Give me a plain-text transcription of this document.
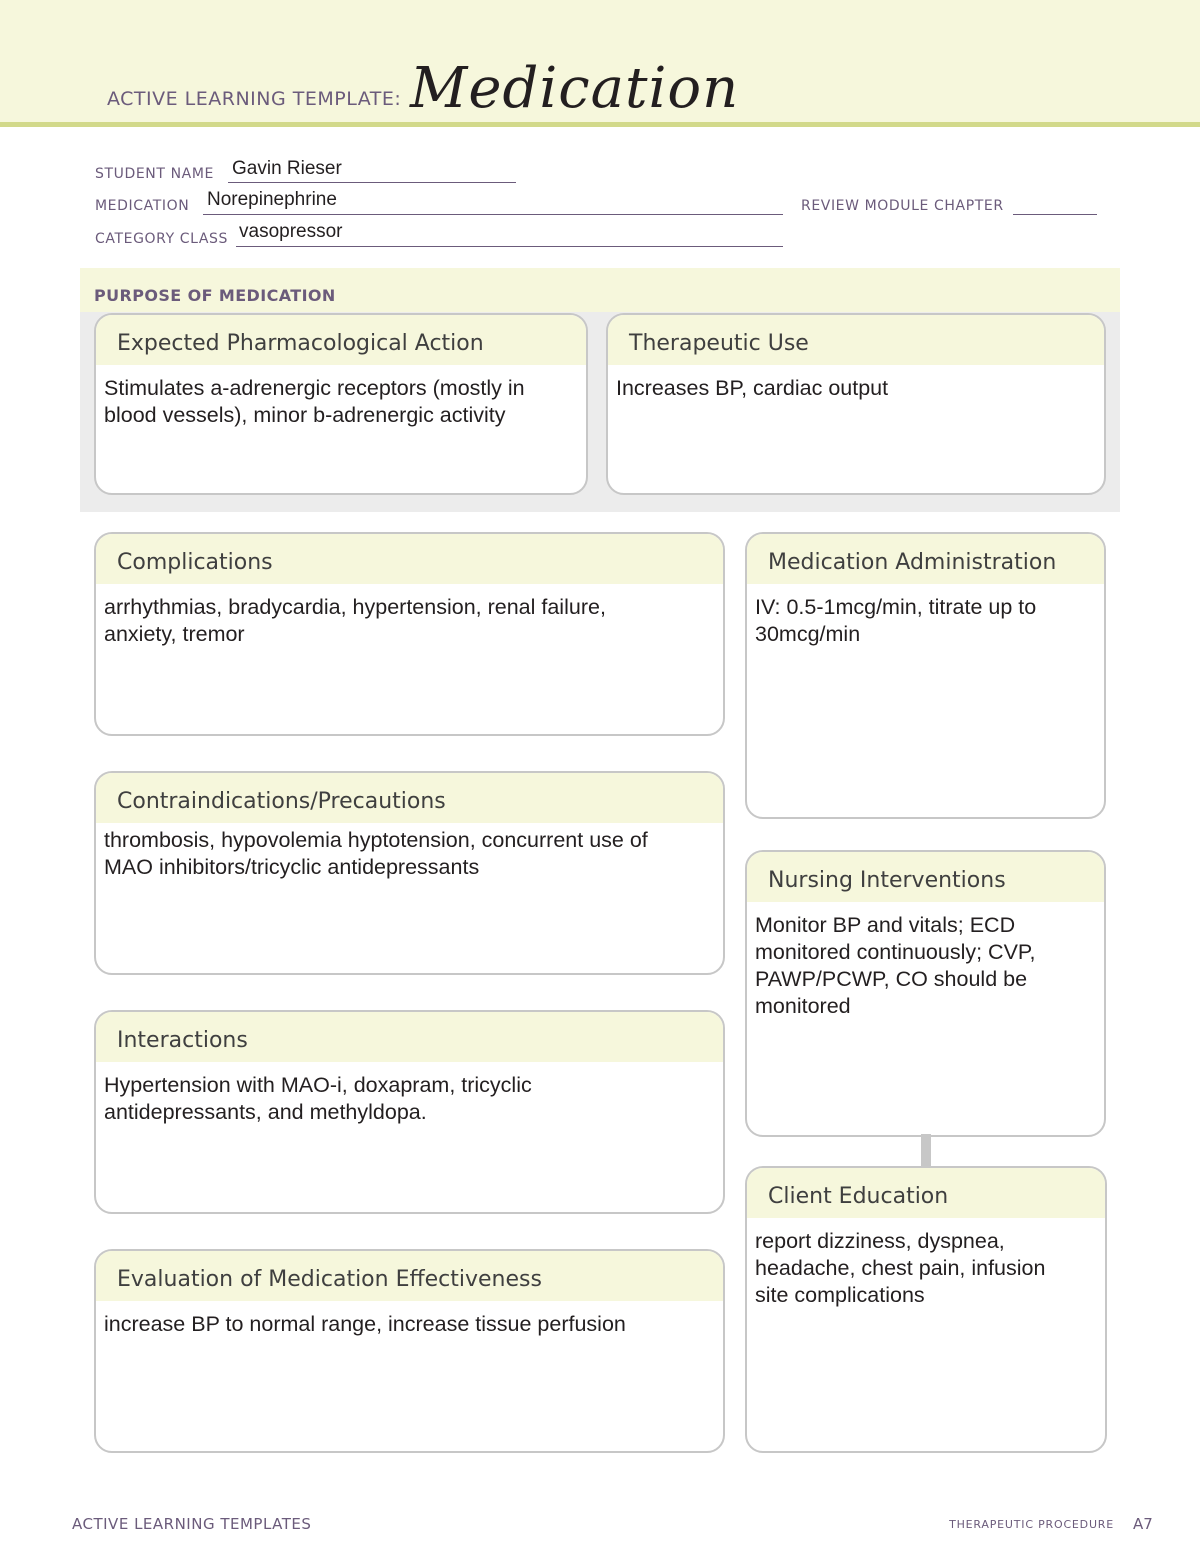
ACTIVE LEARNING TEMPLATE: Medication
STUDENT NAME Gavin Rieser
MEDICATION Norepinephrine	REVIEW MODULE CHAPTER
CATEGORY CLASS vasopressor
PURPOSE OF MEDICATION
Expected Pharmacological Action
Stimulates a-adrenergic receptors (mostly in
blood vessels), minor b-adrenergic activity
Therapeutic Use
Increases BP, cardiac output
Complications
arrhythmias, bradycardia, hypertension, renal failure,
anxiety, tremor
Contraindications/Precautions
thrombosis, hypovolemia hyptotension, concurrent use of
MAO inhibitors/tricyclic antidepressants
Interactions
Hypertension with MAO-i, doxapram, tricyclic
antidepressants, and methyldopa.
Evaluation of Medication Effectiveness
increase BP to normal range, increase tissue perfusion
Medication Administration
IV: 0.5-1mcg/min, titrate up to
30mcg/min
Nursing Interventions
Monitor BP and vitals; ECD
monitored continuously; CVP,
PAWP/PCWP, CO should be
monitored
Client Education
report dizziness, dyspnea,
headache, chest pain, infusion
site complications
ACTIVE LEARNING TEMPLATES	THERAPEUTIC PROCEDURE A7
